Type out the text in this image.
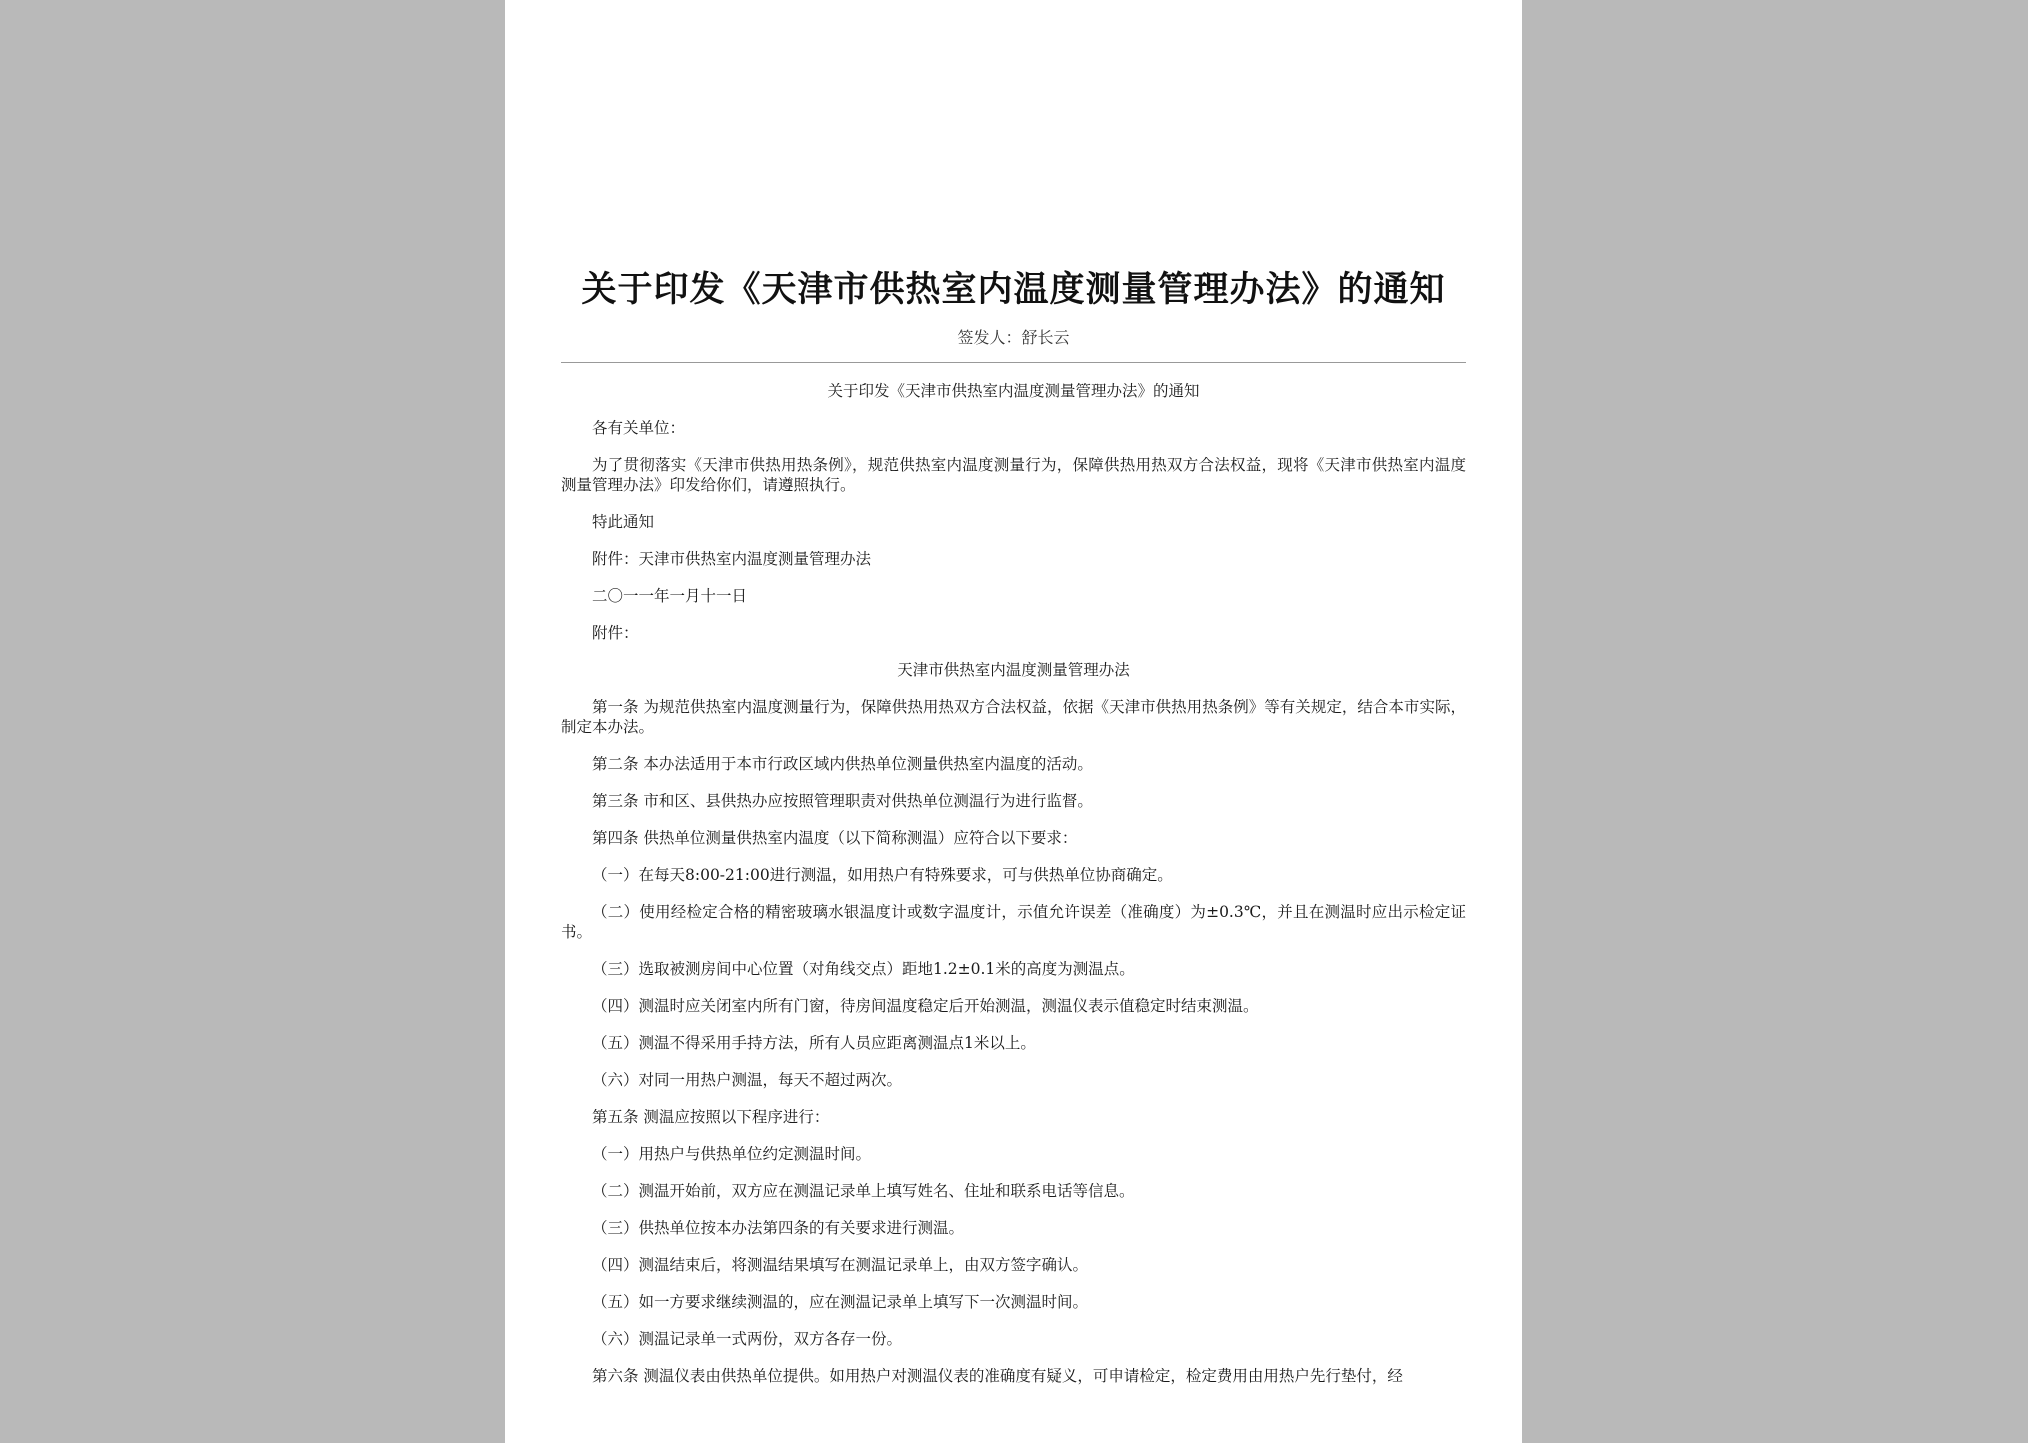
关于印发《天津市供热室内温度测量管理办法》的通知
签发人：舒长云

关于印发《天津市供热室内温度测量管理办法》的通知

各有关单位：

为了贯彻落实《天津市供热用热条例》，规范供热室内温度测量行为，保障供热用热双方合法权益，现将《天津市供热室内温度测量管理办法》印发给你们，请遵照执行。

特此通知

附件：天津市供热室内温度测量管理办法

二〇一一年一月十一日

附件：

天津市供热室内温度测量管理办法

第一条 为规范供热室内温度测量行为，保障供热用热双方合法权益，依据《天津市供热用热条例》等有关规定，结合本市实际，制定本办法。

第二条 本办法适用于本市行政区域内供热单位测量供热室内温度的活动。

第三条 市和区、县供热办应按照管理职责对供热单位测温行为进行监督。

第四条 供热单位测量供热室内温度（以下简称测温）应符合以下要求：

（一）在每天8:00-21:00进行测温，如用热户有特殊要求，可与供热单位协商确定。

（二）使用经检定合格的精密玻璃水银温度计或数字温度计，示值允许误差（准确度）为±0.3℃，并且在测温时应出示检定证书。

（三）选取被测房间中心位置（对角线交点）距地1.2±0.1米的高度为测温点。

（四）测温时应关闭室内所有门窗，待房间温度稳定后开始测温，测温仪表示值稳定时结束测温。

（五）测温不得采用手持方法，所有人员应距离测温点1米以上。

（六）对同一用热户测温，每天不超过两次。

第五条 测温应按照以下程序进行：

（一）用热户与供热单位约定测温时间。

（二）测温开始前，双方应在测温记录单上填写姓名、住址和联系电话等信息。

（三）供热单位按本办法第四条的有关要求进行测温。

（四）测温结束后，将测温结果填写在测温记录单上，由双方签字确认。

（五）如一方要求继续测温的，应在测温记录单上填写下一次测温时间。

（六）测温记录单一式两份，双方各存一份。

第六条 测温仪表由供热单位提供。如用热户对测温仪表的准确度有疑义，可申请检定，检定费用由用热户先行垫付，经
